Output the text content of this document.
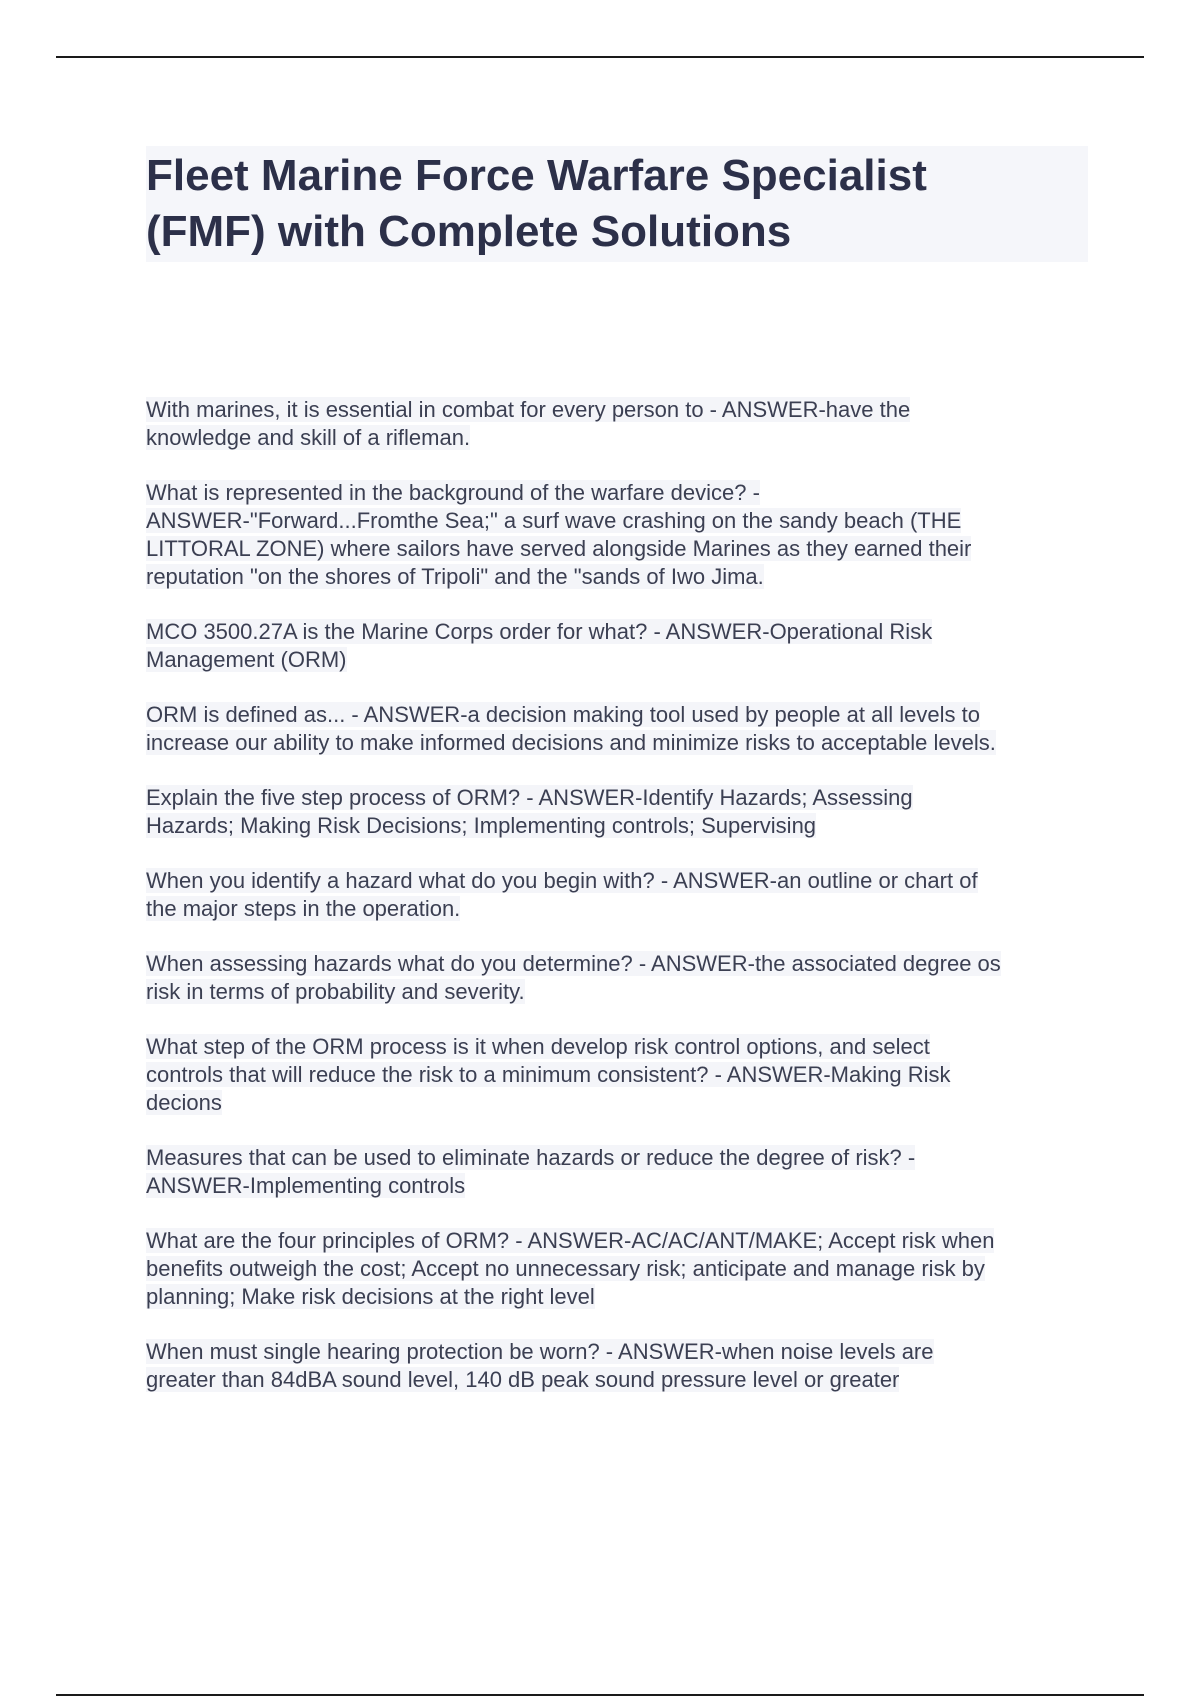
Fleet Marine Force Warfare Specialist
(FMF) with Complete Solutions

With marines, it is essential in combat for every person to - ANSWER-have the
knowledge and skill of a rifleman.

What is represented in the background of the warfare device? -
ANSWER-"Forward...Fromthe Sea;" a surf wave crashing on the sandy beach (THE
LITTORAL ZONE) where sailors have served alongside Marines as they earned their
reputation "on the shores of Tripoli" and the "sands of Iwo Jima.

MCO 3500.27A is the Marine Corps order for what? - ANSWER-Operational Risk
Management (ORM)

ORM is defined as... - ANSWER-a decision making tool used by people at all levels to
increase our ability to make informed decisions and minimize risks to acceptable levels.

Explain the five step process of ORM? - ANSWER-Identify Hazards; Assessing
Hazards; Making Risk Decisions; Implementing controls; Supervising

When you identify a hazard what do you begin with? - ANSWER-an outline or chart of
the major steps in the operation.

When assessing hazards what do you determine? - ANSWER-the associated degree os
risk in terms of probability and severity.

What step of the ORM process is it when develop risk control options, and select
controls that will reduce the risk to a minimum consistent? - ANSWER-Making Risk
decions

Measures that can be used to eliminate hazards or reduce the degree of risk? -
ANSWER-Implementing controls

What are the four principles of ORM? - ANSWER-AC/AC/ANT/MAKE; Accept risk when
benefits outweigh the cost; Accept no unnecessary risk; anticipate and manage risk by
planning; Make risk decisions at the right level

When must single hearing protection be worn? - ANSWER-when noise levels are
greater than 84dBA sound level, 140 dB peak sound pressure level or greater
